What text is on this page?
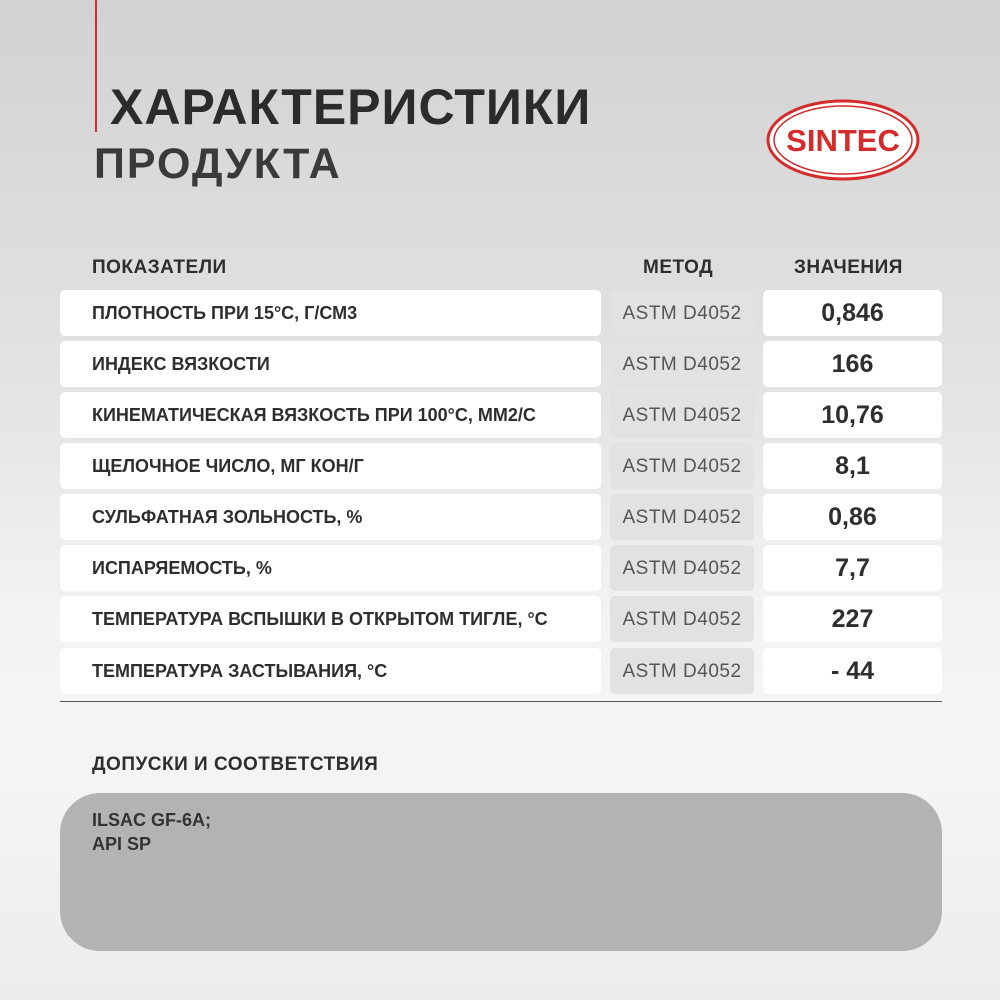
ХАРАКТЕРИСТИКИ
ПРОДУКТА	SINTEC
ПОКАЗАТЕЛИ	МЕТОД	ЗНАЧЕНИЯ
ПЛОТНОСТЬ ПРИ 15°С, Г/СМ3	ASTM D4052	0,846
ИНДЕКС ВЯЗКОСТИ	ASTM D4052	166
КИНЕМАТИЧЕСКАЯ ВЯЗКОСТЬ ПРИ 100°С, ММ2/С	ASTM D4052	10,76
ЩЕЛОЧНОЕ ЧИСЛО, МГ КОН/Г	ASTM D4052	8,1
СУЛЬФАТНАЯ ЗОЛЬНОСТЬ, %	ASTM D4052	0,86
ИСПАРЯЕМОСТЬ, %	ASTM D4052	7,7
ТЕМПЕРАТУРА ВСПЫШКИ В ОТКРЫТОМ ТИГЛЕ, °С	ASTM D4052	227
ТЕМПЕРАТУРА ЗАСТЫВАНИЯ, °С	ASTM D4052	- 44
ДОПУСКИ И СООТВЕТСТВИЯ
ILSAC GF-6A;
API SP
